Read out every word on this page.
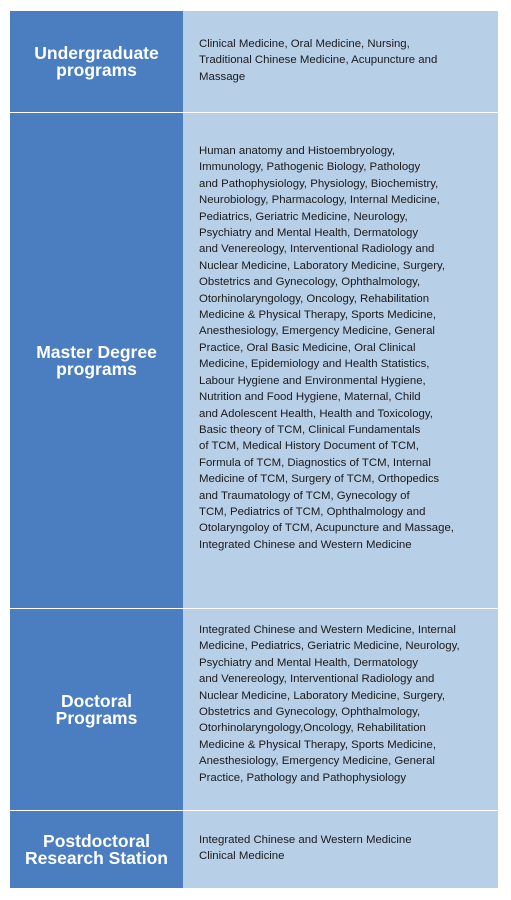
Undergraduate
programs
Clinical Medicine, Oral Medicine, Nursing,
Traditional Chinese Medicine, Acupuncture and
Massage
Master Degree
programs
Human anatomy and Histoembryology,
Immunology, Pathogenic Biology, Pathology
and Pathophysiology, Physiology, Biochemistry,
Neurobiology, Pharmacology, Internal Medicine,
Pediatrics, Geriatric Medicine, Neurology,
Psychiatry and Mental Health, Dermatology
and Venereology, Interventional Radiology and
Nuclear Medicine, Laboratory Medicine, Surgery,
Obstetrics and Gynecology, Ophthalmology,
Otorhinolaryngology, Oncology, Rehabilitation
Medicine & Physical Therapy, Sports Medicine,
Anesthesiology, Emergency Medicine, General
Practice, Oral Basic Medicine, Oral Clinical
Medicine, Epidemiology and Health Statistics,
Labour Hygiene and Environmental Hygiene,
Nutrition and Food Hygiene, Maternal, Child
and Adolescent Health, Health and Toxicology,
Basic theory of TCM, Clinical Fundamentals
of TCM, Medical History Document of TCM,
Formula of TCM, Diagnostics of TCM, Internal
Medicine of TCM, Surgery of TCM, Orthopedics
and Traumatology of TCM, Gynecology of
TCM, Pediatrics of TCM, Ophthalmology and
Otolaryngoloy of TCM, Acupuncture and Massage,
Integrated Chinese and Western Medicine
Doctoral
Programs
Integrated Chinese and Western Medicine, Internal
Medicine, Pediatrics, Geriatric Medicine, Neurology,
Psychiatry and Mental Health, Dermatology
and Venereology, Interventional Radiology and
Nuclear Medicine, Laboratory Medicine, Surgery,
Obstetrics and Gynecology, Ophthalmology,
Otorhinolaryngology,Oncology, Rehabilitation
Medicine & Physical Therapy, Sports Medicine,
Anesthesiology, Emergency Medicine, General
Practice, Pathology and Pathophysiology
Postdoctoral
Research Station
Integrated Chinese and Western Medicine
Clinical Medicine
